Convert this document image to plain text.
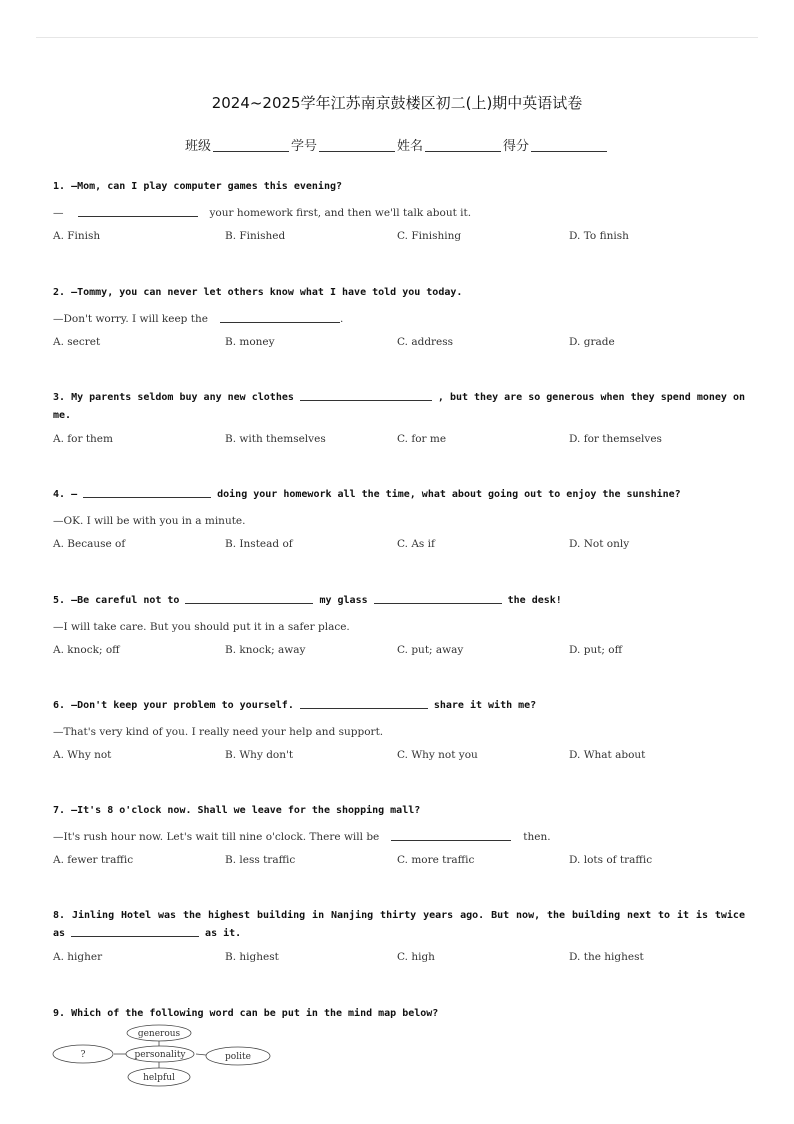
2024~2025学年江苏南京鼓楼区初二(上)期中英语试卷
班级	学号	姓名	得分
1. —Mom, can I play computer games this evening?
—	your homework first, and then we'll talk about it.
A. Finish	B. Finished	C. Finishing	D. To finish
2. —Tommy, you can never let others know what I have told you today.
—Don't worry. I will keep the	.
A. secret	B. money	C. address	D. grade
3. My parents seldom buy any new clothes	, but they are so generous when they spend money on me.
A. for them	B. with themselves	C. for me	D. for themselves
4. —	doing your homework all the time, what about going out to enjoy the sunshine?
—OK. I will be with you in a minute.
A. Because of	B. Instead of	C. As if	D. Not only
5. —Be careful not to	my glass	the desk!
—I will take care. But you should put it in a safer place.
A. knock; off	B. knock; away	C. put; away	D. put; off
6. —Don't keep your problem to yourself.	share it with me?
—That's very kind of you. I really need your help and support.
A. Why not	B. Why don't	C. Why not you	D. What about
7. —It's 8 o'clock now. Shall we leave for the shopping mall?
—It's rush hour now. Let's wait till nine o'clock. There will be	then.
A. fewer traffic	B. less traffic	C. more traffic	D. lots of traffic
8. Jinling Hotel was the highest building in Nanjing thirty years ago. But now, the building next to it is twice as	as it.
A. higher	B. highest	C. high	D. the highest
9. Which of the following word can be put in the mind map below?
?
generous
personality	polite
helpful
